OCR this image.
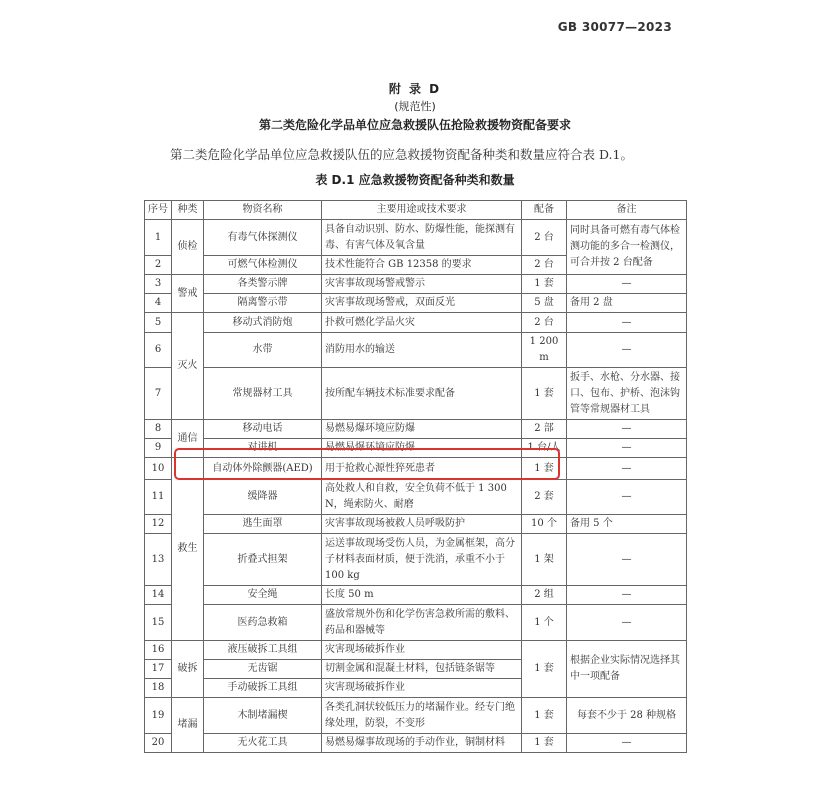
GB 30077—2023
附 录 D
(规范性)
第二类危险化学品单位应急救援队伍抢险救援物资配备要求
第二类危险化学品单位应急救援队伍的应急救援物资配备种类和数量应符合表 D.1。
表 D.1 应急救援物资配备种类和数量
序号	种类	物资名称	主要用途或技术要求	配备	备注
1	侦检	有毒气体探测仪	具备自动识别、防水、防爆性能，能探测有毒、有害气体及氧含量	2 台	同时具备可燃有毒气体检测功能的多合一检测仪，可合并按 2 台配备
2		可燃气体检测仪	技术性能符合 GB 12358 的要求	2 台	
3	警戒	各类警示牌	灾害事故现场警戒警示	1 套	—
4		隔离警示带	灾害事故现场警戒，双面反光	5 盘	备用 2 盘
5	灭火	移动式消防炮	扑救可燃化学品火灾	2 台	—
6		水带	消防用水的输送	1 200 m	—
7		常规器材工具	按所配车辆技术标准要求配备	1 套	扳手、水枪、分水器、接口、包布、护桥、泡沫钩管等常规器材工具
8	通信	移动电话	易燃易爆环境应防爆	2 部	—
9		对讲机	易燃易爆环境应防爆	1 台/人	—
10	救生	自动体外除颤器(AED)	用于抢救心源性猝死患者	1 套	—
11		缓降器	高处救人和自救，安全负荷不低于 1 300 N，绳索防火、耐磨	2 套	—
12		逃生面罩	灾害事故现场被救人员呼吸防护	10 个	备用 5 个
13		折叠式担架	运送事故现场受伤人员，为金属框架，高分子材料表面材质，便于洗消，承重不小于 100 kg	1 架	—
14		安全绳	长度 50 m	2 组	—
15		医药急救箱	盛放常规外伤和化学伤害急救所需的敷料、药品和器械等	1 个	—
16	破拆	液压破拆工具组	灾害现场破拆作业	1 套	根据企业实际情况选择其中一项配备
17		无齿锯	切割金属和混凝土材料，包括链条锯等		
18		手动破拆工具组	灾害现场破拆作业		
19	堵漏	木制堵漏楔	各类孔洞状较低压力的堵漏作业。经专门绝缘处理，防裂，不变形	1 套	每套不少于 28 种规格
20		无火花工具	易燃易爆事故现场的手动作业，铜制材料	1 套	—
